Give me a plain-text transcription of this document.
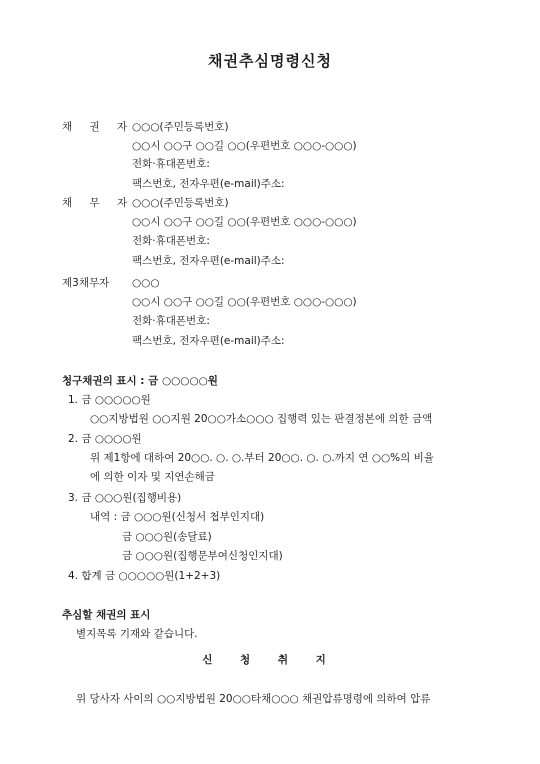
채권추심명령신청
채 권 자
○○○(주민등록번호)
○○시 ○○구 ○○길 ○○(우편번호 ○○○-○○○)
전화·휴대폰번호:
팩스번호, 전자우편(e-mail)주소:
채 무 자
○○○(주민등록번호)
○○시 ○○구 ○○길 ○○(우편번호 ○○○-○○○)
전화·휴대폰번호:
팩스번호, 전자우편(e-mail)주소:
제3채무자 ○○○
○○시 ○○구 ○○길 ○○(우편번호 ○○○-○○○)
전화·휴대폰번호:
팩스번호, 전자우편(e-mail)주소:
청구채권의 표시 : 금 ○○○○○원
1. 금 ○○○○○원
○○지방법원 ○○지원 20○○가소○○○ 집행력 있는 판결정본에 의한 금액
2. 금 ○○○○원
위 제1항에 대하여 20○○. ○. ○.부터 20○○. ○. ○.까지 연 ○○%의 비율
에 의한 이자 및 지연손해금
3. 금 ○○○원(집행비용)
내역 : 금 ○○○원(신청서 첩부인지대)
금 ○○○원(송달료)
금 ○○○원(집행문부여신청인지대)
4. 합계 금 ○○○○○원(1+2+3)
추심할 채권의 표시
별지목록 기재와 같습니다.
신 청 취 지
위 당사자 사이의 ○○지방법원 20○○타채○○○ 채권압류명령에 의하여 압류
